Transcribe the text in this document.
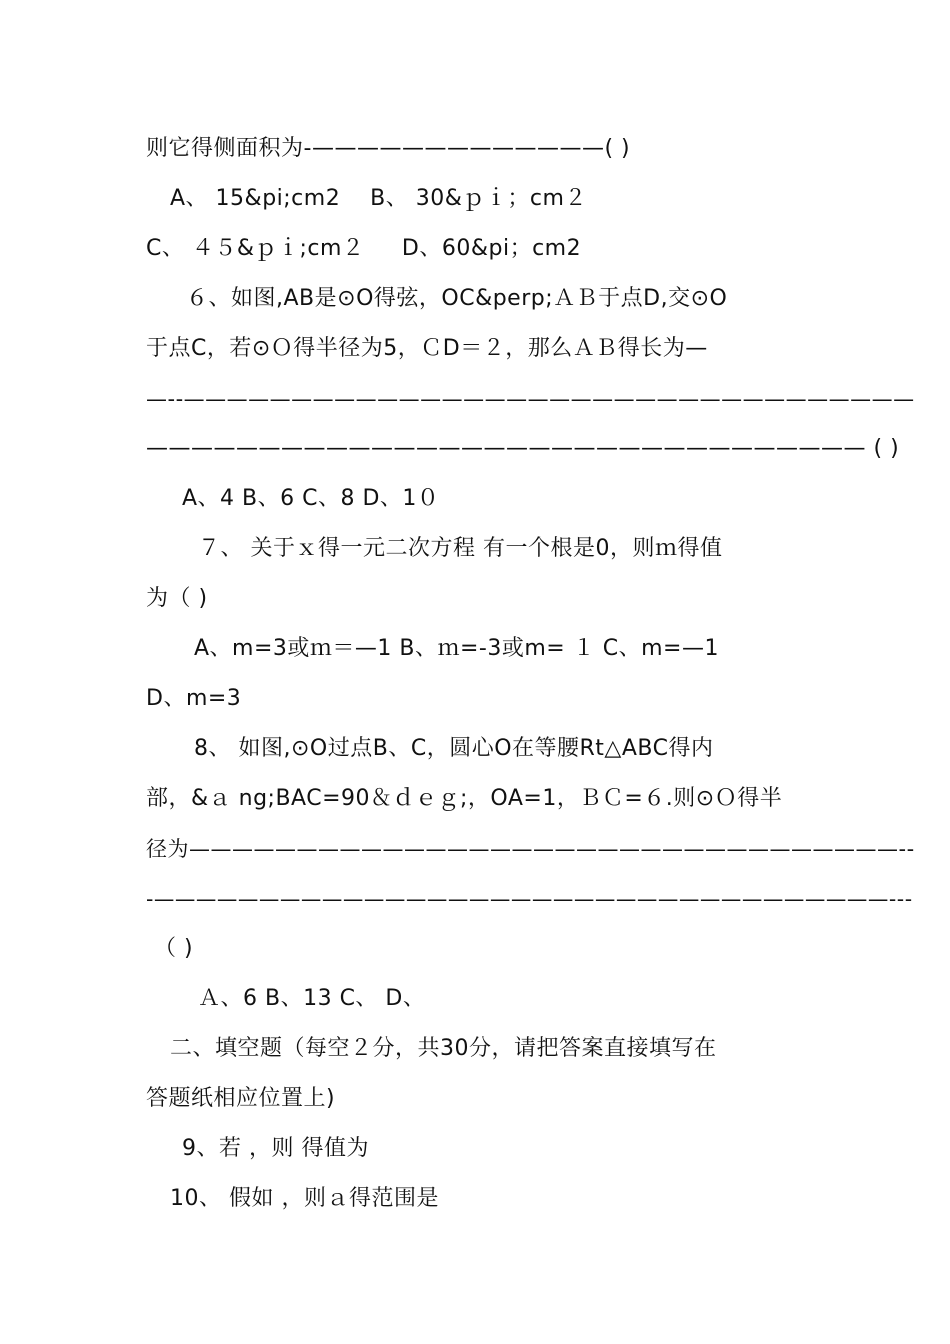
则它得侧面积为-—————————————( )
A、 15&pi;cm2    B、 30&ｐｉ；cm２
C、 ４５&ｐｉ;cm２     D、60&pi；cm2
６、如图,AB是⊙O得弦，OC&perp;ＡＢ于点D,交⊙O
于点C，若⊙Ｏ得半径为5，ＣD＝２，那么ＡＢ得长为—
—--——————————————————————————————————
———————————————————————————————— ( )
A、4 B、6 C、8 D、1０
７、 关于ｘ得一元二次方程 有一个根是0，则ｍ得值
为（ )
A、m=3或ｍ＝—1 B、ｍ=-3或m= １ C、m=—1
D、m=3
8、 如图,⊙O过点B、C，圆心O在等腰Rt△ABC得内
部，&ａ ng;BAC=90＆ｄｅｇ;，OA=1，ＢＣ=６.则⊙Ｏ得半
径为—————————————————————————————————--
-———————————————————————————————————---
（ )
Ａ、6 B、13 C、 D、
二、填空题（每空２分，共30分，请把答案直接填写在
答题纸相应位置上)
9、若 ，则 得值为
10、 假如 ，则ａ得范围是
